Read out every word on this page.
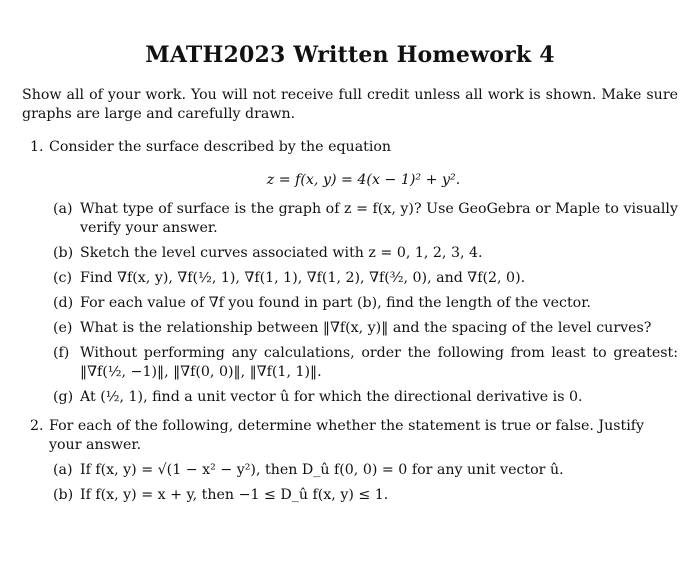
MATH2023 Written Homework 4

Show all of your work. You will not receive full credit unless all work is shown. Make sure graphs are large and carefully drawn.

1. Consider the surface described by the equation
z = f(x, y) = 4(x − 1)² + y².
(a) What type of surface is the graph of z = f(x, y)? Use GeoGebra or Maple to visually verify your answer.
(b) Sketch the level curves associated with z = 0, 1, 2, 3, 4.
(c) Find ∇f(x, y), ∇f(½, 1), ∇f(1, 1), ∇f(1, 2), ∇f(³⁄₂, 0), and ∇f(2, 0).
(d) For each value of ∇f you found in part (b), find the length of the vector.
(e) What is the relationship between ‖∇f(x, y)‖ and the spacing of the level curves?
(f) Without performing any calculations, order the following from least to greatest: ‖∇f(½, −1)‖, ‖∇f(0, 0)‖, ‖∇f(1, 1)‖.
(g) At (½, 1), find a unit vector û for which the directional derivative is 0.
2. For each of the following, determine whether the statement is true or false. Justify your answer.
(a) If f(x, y) = √(1 − x² − y²), then D_û f(0, 0) = 0 for any unit vector û.
(b) If f(x, y) = x + y, then −1 ≤ D_û f(x, y) ≤ 1.
